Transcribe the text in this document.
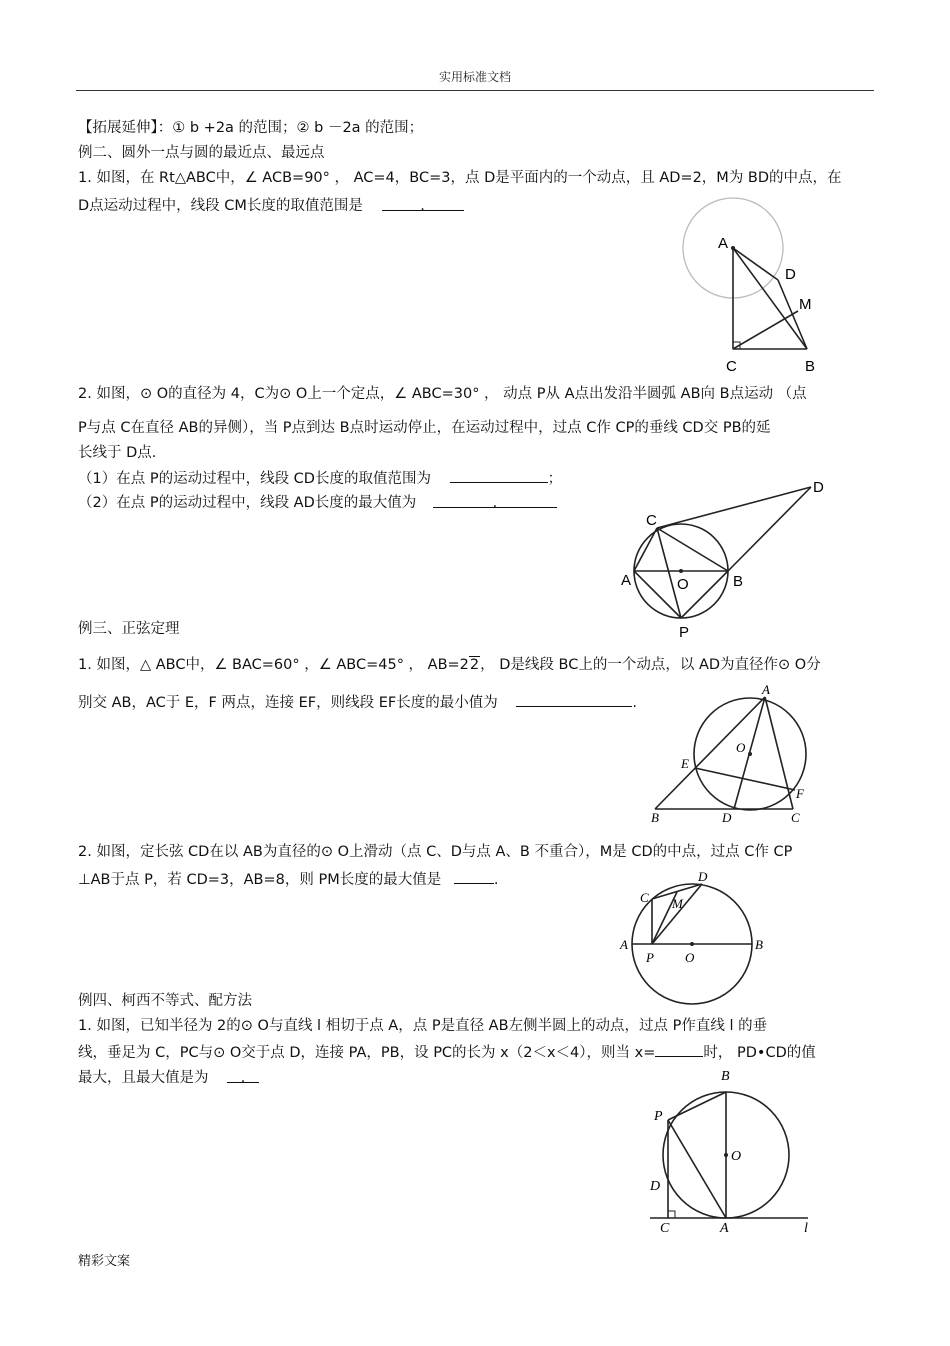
实用标准文档
【拓展延伸】：① b +2a 的范围；② b －2a 的范围；
例二、圆外一点与圆的最近点、最远点
1. 如图，在 Rt△ABC中，∠ ACB=90° ， AC=4，BC=3，点 D是平面内的一个动点，且 AD=2，M为 BD的中点，在
D点运动过程中，线段 CM长度的取值范围是	.
2. 如图，⊙ O的直径为 4，C为⊙ O上一个定点，∠ ABC=30° ， 动点 P从 A点出发沿半圆弧 AB向 B点运动 （点
P与点 C在直径 AB的异侧），当 P点到达 B点时运动停止，在运动过程中，过点 C作 CP的垂线 CD交 PB的延
长线于 D点.
（1）在点 P的运动过程中，线段 CD长度的取值范围为	；
（2）在点 P的运动过程中，线段 AD长度的最大值为	.
例三、正弦定理
1. 如图，△ ABC中，∠ BAC=60° ，∠ ABC=45° ， AB=22， D是线段 BC上的一个动点，以 AD为直径作⊙ O分
别交 AB，AC于 E，F 两点，连接 EF，则线段 EF长度的最小值为	.
2. 如图，定长弦 CD在以 AB为直径的⊙ O上滑动（点 C、D与点 A、B 不重合），M是 CD的中点，过点 C作 CP
⊥AB于点 P，若 CD=3，AB=8，则 PM长度的最大值是	.
例四、柯西不等式、配方法
1. 如图，已知半径为 2的⊙ O与直线 l 相切于点 A，点 P是直径 AB左侧半圆上的动点，过点 P作直线 l 的垂
线，垂足为 C，PC与⊙ O交于点 D，连接 PA，PB，设 PC的长为 x（2＜x＜4），则当 x=	时， PD•CD的值
最大，且最大值是为 .
精彩文案
A
D
M
C	B
C
A	O	B
P
D
A
O
E
F
B	D	C
C
D
M
A	B
P O
B
P
O
D
C	A	l
